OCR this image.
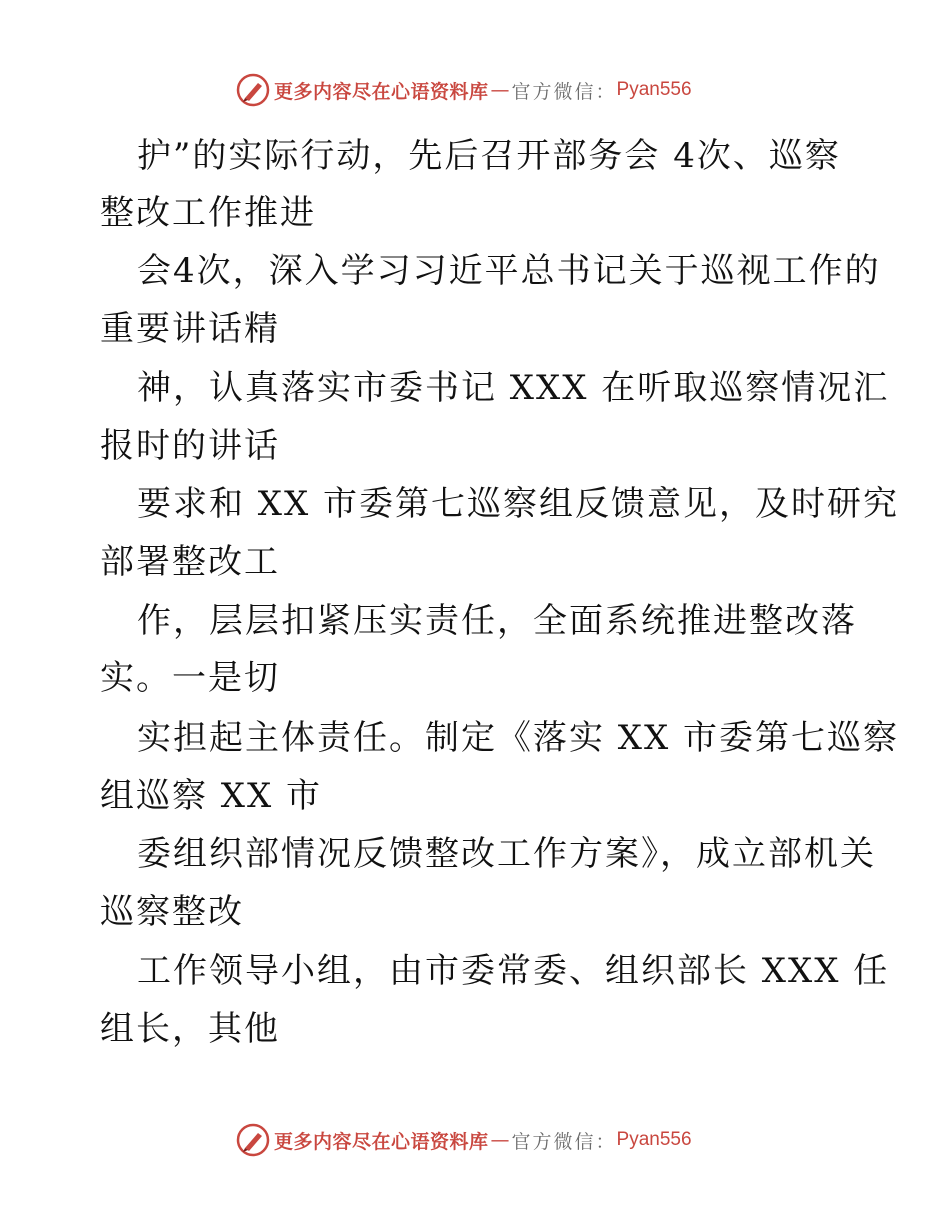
更多内容尽在心语资料库 — 官方微信： Pyan556
护”的实际行动，先后召开部务会 4次、巡察
整改工作推进
会4次，深入学习习近平总书记关于巡视工作的
重要讲话精
神，认真落实市委书记 XXX 在听取巡察情况汇
报时的讲话
要求和 XX 市委第七巡察组反馈意见，及时研究
部署整改工
作，层层扣紧压实责任，全面系统推进整改落
实。一是切
实担起主体责任。制定《落实 XX 市委第七巡察
组巡察 XX 市
委组织部情况反馈整改工作方案》，成立部机关
巡察整改
工作领导小组，由市委常委、组织部长 XXX 任
组长，其他
更多内容尽在心语资料库 — 官方微信： Pyan556
